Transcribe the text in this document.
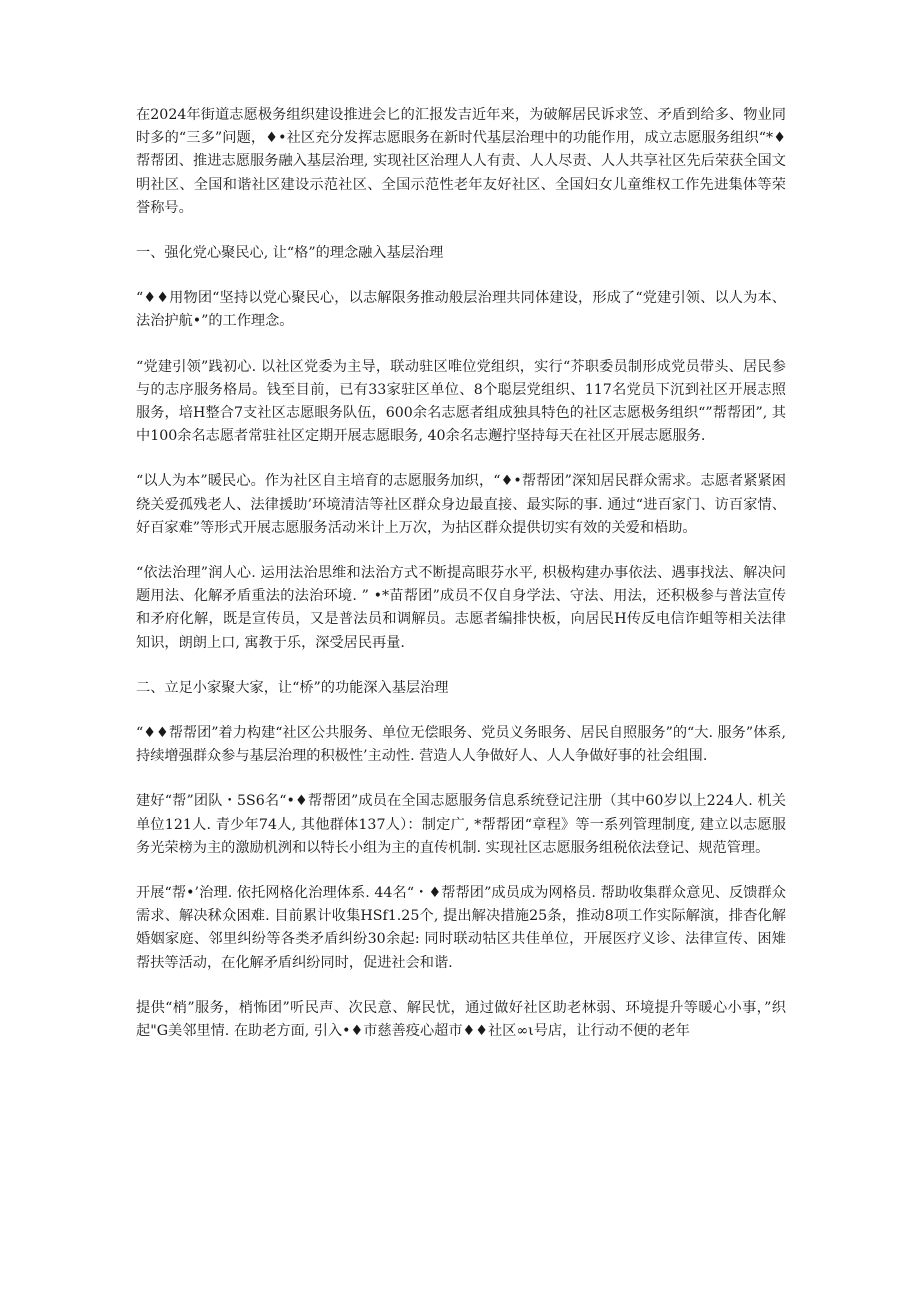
在2024年街道志愿极务组织建设推进会匕的汇报发吉近年来，为破解居民诉求笠、矛盾到给多、物业同时多的“三多”问题，♦•社区充分发挥志愿眼务在新时代基层治理中的功能作用，成立志愿服务组织“*♦帮帮团、推进志愿服务融入基层治理, 实现社区治理人人有责、人人尽责、人人共享社区先后荣获全国文明社区、全国和谐社区建设示范社区、全国示范性老年友好社区、全国妇女儿童维权工作先进集体等荣誉称号。

一、强化党心聚民心, 让“格”的理念融入基层治理

“♦♦用物团“坚持以党心聚民心，以志解限务推动般层治理共同体建设，形成了“党建引领、以人为本、法治护航•”的工作理念。

“党建引领”践初心. 以社区党委为主导，联动驻区唯位党组织，实行“芥职委员制形成党员带头、居民参与的志序服务格局。钱至目前，已有33家驻区单位、8个聪层党组织、117名党员下沉到社区开展志照服务，培H整合7支社区志愿眼务队伍，600余名志愿者组成独具特色的社区志愿极务组织“”帮帮团”, 其中100余名志愿者常驻社区定期开展志愿眼务, 40余名志邂拧坚持每天在社区开展志愿服务.

“以人为本”暖民心。作为社区自主培育的志愿服务加织，“♦•帮帮团”深知居民群众需求。志愿者紧紧困绕关爱孤残老人、法律援助’环境清洁等社区群众身边最直接、最实际的事. 通过“进百家门、访百家情、好百家难”等形式开展志愿服务活动米计上万次，为拈区群众提供切实有效的关爱和梧助。

“依法治理”润人心. 运用法治思维和法治方式不断提高眼芬水平, 枳极构建办事依法、遇事找法、解决问题用法、化解矛盾重法的法治环境. ” •*苗帮团”成员不仅自身学法、守法、用法，还积极参与普法宣传和矛府化解，既是宣传员，又是普法员和调解员。志愿者编排快板，向居民H传反电信诈蛆等相关法律知识，朗朗上口, 寓教于乐，深受居民再量.

二、立足小家聚大家，让“桥”的功能深入基层治理

“♦♦帮帮团”着力构建“社区公共服务、单位无偿眼务、党员义务眼务、居民自照服务”的“大. 服务”体系, 持续增强群众参与基层治理的积极性’主动性. 营造人人争做好人、人人争做好事的社会组围.

建好“帮”团队・5S6名“•♦帮帮团”成员在全国志愿服务信息系统登记注册（其中60岁以上224人. 机关单位121人. 青少年74人, 其他群体137人）：制定广, *帮帮团“章程》等一系列管理制度, 建立以志愿服务光荣榜为主的激励机洌和以特长小组为主的直传机制. 实现社区志愿服务组税依法登记、规范管理。

开展“帮•’治理. 依托网格化治理体系. 44名“・♦帮帮团”成员成为网格员. 帮助收集群众意见、反馈群众需求、解决秫众困难. 目前累计收集HSf1.25个, 提出解决措施25条，推动8项工作实际解演，排杳化解婚姻家庭、邻里纠纷等各类矛盾纠纷30余起: 同时联动牯区共佳单位，开展医疗义诊、法律宣传、困雉帮扶等活动，在化解矛盾纠纷同时，促进社会和谐.

提供“梢”服务，梢怖团”听民声、次民意、解民忧，通过做好社区助老林弱、环境提升等暖心小事，”织起"G美邻里情. 在助老方面, 引入•♦市慈善疫心超市♦♦社区∞ι号店，让行动不便的老年
